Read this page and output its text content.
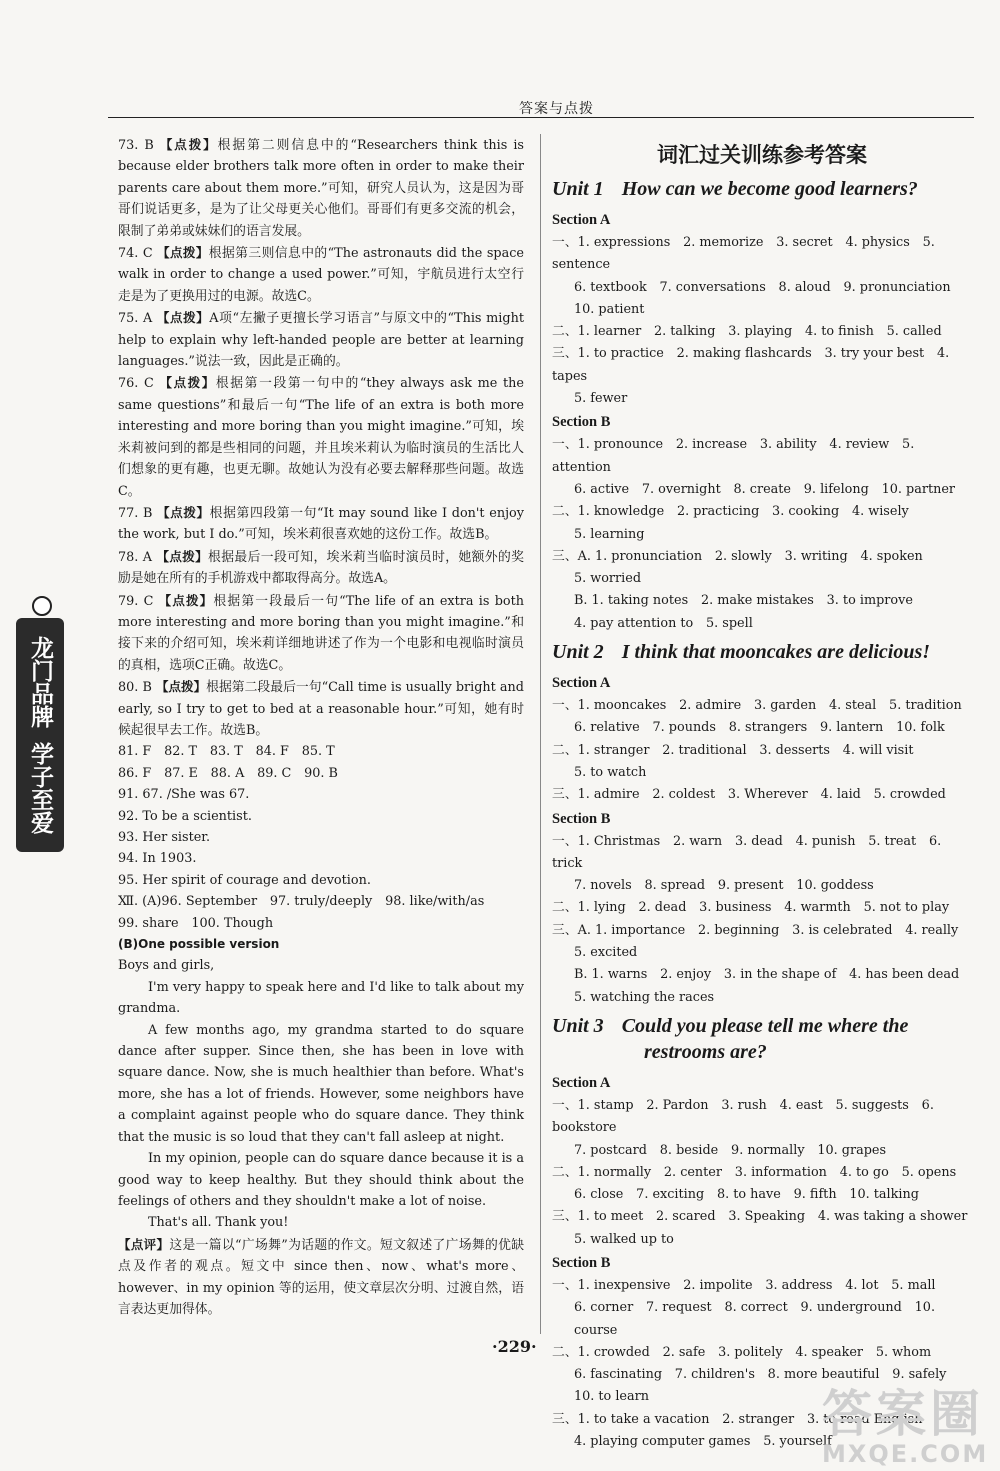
答案与点拨
龙门品牌
学子至爱

73. B 【点拨】根据第二则信息中的“Researchers think this is because elder brothers talk more often in order to make their parents care about them more.”可知，研究人员认为，这是因为哥哥们说话更多，是为了让父母更关心他们。哥哥们有更多交流的机会，限制了弟弟或妹妹们的语言发展。

74. C 【点拨】根据第三则信息中的“The astronauts did the space walk in order to change a used power.”可知，宇航员进行太空行走是为了更换用过的电源。故选C。

75. A 【点拨】A项“左撇子更擅长学习语言”与原文中的“This might help to explain why left-handed people are better at learning languages.”说法一致，因此是正确的。

76. C 【点拨】根据第一段第一句中的“they always ask me the same questions”和最后一句“The life of an extra is both more interesting and more boring than you might imagine.”可知，埃米莉被问到的都是些相同的问题，并且埃米莉认为临时演员的生活比人们想象的更有趣，也更无聊。故她认为没有必要去解释那些问题。故选C。

77. B 【点拨】根据第四段第一句“It may sound like I don't enjoy the work, but I do.”可知，埃米莉很喜欢她的这份工作。故选B。

78. A 【点拨】根据最后一段可知，埃米莉当临时演员时，她额外的奖励是她在所有的手机游戏中都取得高分。故选A。

79. C 【点拨】根据第一段最后一句“The life of an extra is both more interesting and more boring than you might imagine.”和接下来的介绍可知，埃米莉详细地讲述了作为一个电影和电视临时演员的真相，选项C正确。故选C。

80. B 【点拨】根据第二段最后一句“Call time is usually bright and early, so I try to get to bed at a reasonable hour.”可知，她有时候起很早去工作。故选B。

81. F　82. T　83. T　84. F　85. T

86. F　87. E　88. A　89. C　90. B

91. 67. /She was 67.

92. To be a scientist.

93. Her sister.

94. In 1903.

95. Her spirit of courage and devotion.

Ⅻ. (A)96. September　97. truly/deeply　98. like/with/as

99. share　100. Though

(B)One possible version

Boys and girls,

I'm very happy to speak here and I'd like to talk about my grandma.

A few months ago, my grandma started to do square dance after supper. Since then, she has been in love with square dance. Now, she is much healthier than before. What's more, she has a lot of friends. However, some neighbors have a complaint against people who do square dance. They think that the music is so loud that they can't fall asleep at night.

In my opinion, people can do square dance because it is a good way to keep healthy. But they should think about the feelings of others and they shouldn't make a lot of noise.

That's all. Thank you!

【点评】这是一篇以“广场舞”为话题的作文。短文叙述了广场舞的优缺点及作者的观点。短文中 since then、now、what's more、however、in my opinion 等的运用，使文章层次分明、过渡自然，语言表达更加得体。

词汇过关训练参考答案

Unit 1 How can we become good learners?

Section A

一、1. expressions　2. memorize　3. secret　4. physics　5. sentence

6. textbook　7. conversations　8. aloud　9. pronunciation

10. patient

二、1. learner　2. talking　3. playing　4. to finish　5. called

三、1. to practice　2. making flashcards　3. try your best　4. tapes

5. fewer

Section B

一、1. pronounce　2. increase　3. ability　4. review　5. attention

6. active　7. overnight　8. create　9. lifelong　10. partner

二、1. knowledge　2. practicing　3. cooking　4. wisely

5. learning

三、A. 1. pronunciation　2. slowly　3. writing　4. spoken

5. worried

B. 1. taking notes　2. make mistakes　3. to improve

4. pay attention to　5. spell

Unit 2 I think that mooncakes are delicious!

Section A

一、1. mooncakes　2. admire　3. garden　4. steal　5. tradition

6. relative　7. pounds　8. strangers　9. lantern　10. folk

二、1. stranger　2. traditional　3. desserts　4. will visit

5. to watch

三、1. admire　2. coldest　3. Wherever　4. laid　5. crowded

Section B

一、1. Christmas　2. warn　3. dead　4. punish　5. treat　6. trick

7. novels　8. spread　9. present　10. goddess

二、1. lying　2. dead　3. business　4. warmth　5. not to play

三、A. 1. importance　2. beginning　3. is celebrated　4. really

5. excited

B. 1. warns　2. enjoy　3. in the shape of　4. has been dead

5. watching the races

Unit 3 Could you please tell me where the
restrooms are?

Section A

一、1. stamp　2. Pardon　3. rush　4. east　5. suggests　6. bookstore

7. postcard　8. beside　9. normally　10. grapes

二、1. normally　2. center　3. information　4. to go　5. opens

6. close　7. exciting　8. to have　9. fifth　10. talking

三、1. to meet　2. scared　3. Speaking　4. was taking a shower

5. walked up to

Section B

一、1. inexpensive　2. impolite　3. address　4. lot　5. mall

6. corner　7. request　8. correct　9. underground　10. course

二、1. crowded　2. safe　3. politely　4. speaker　5. whom

6. fascinating　7. children's　8. more beautiful　9. safely

10. to learn

三、1. to take a vacation　2. stranger　3. to read English

4. playing computer games　5. yourself

·229·
答案圈
MXQE.COM
